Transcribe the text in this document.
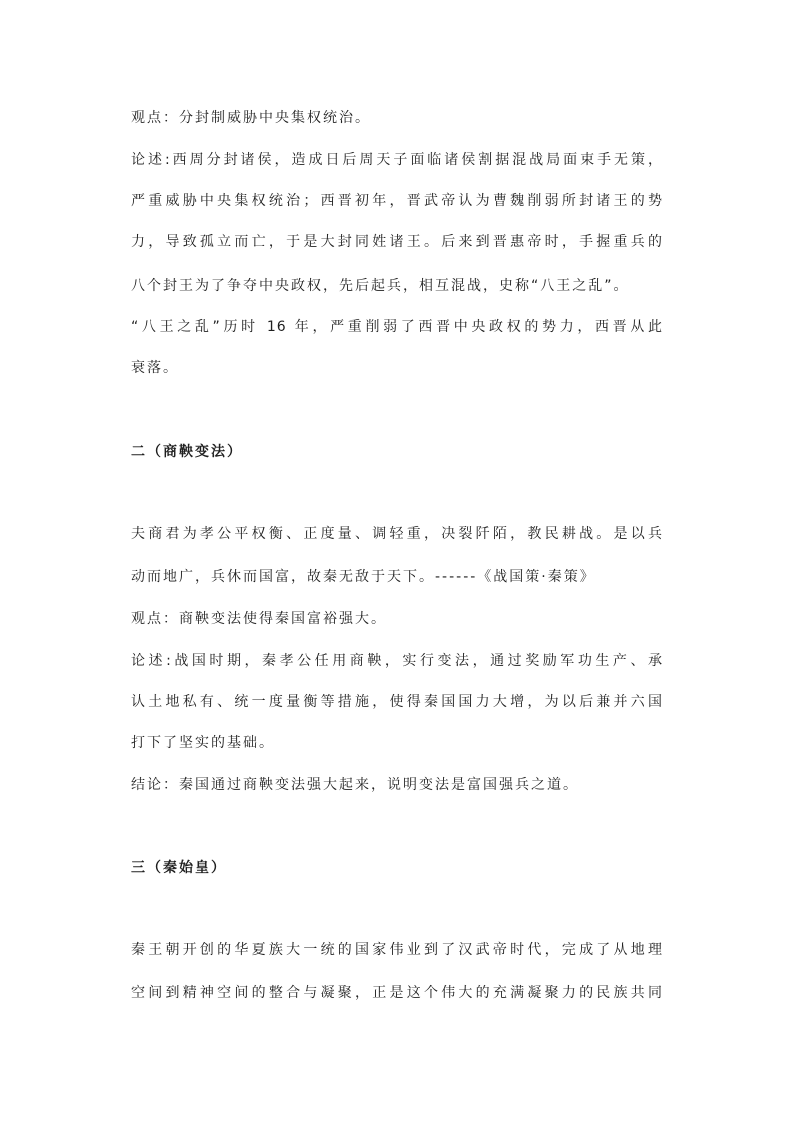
观点：分封制威胁中央集权统治。
论述:西周分封诸侯，造成日后周天子面临诸侯割据混战局面束手无策，
严重威胁中央集权统治；西晋初年，晋武帝认为曹魏削弱所封诸王的势
力，导致孤立而亡，于是大封同姓诸王。后来到晋惠帝时，手握重兵的
八个封王为了争夺中央政权，先后起兵，相互混战，史称“八王之乱”。
“八王之乱”历时 16 年，严重削弱了西晋中央政权的势力，西晋从此
衰落。
二（商鞅变法）
夫商君为孝公平权衡、正度量、调轻重，决裂阡陌，教民耕战。是以兵
动而地广，兵休而国富，故秦无敌于天下。------《战国策·秦策》
观点：商鞅变法使得秦国富裕强大。
论述:战国时期，秦孝公任用商鞅，实行变法，通过奖励军功生产、承
认土地私有、统一度量衡等措施，使得秦国国力大增，为以后兼并六国
打下了坚实的基础。
结论：秦国通过商鞅变法强大起来，说明变法是富国强兵之道。
三（秦始皇）
秦王朝开创的华夏族大一统的国家伟业到了汉武帝时代，完成了从地理
空间到精神空间的整合与凝聚，正是这个伟大的充满凝聚力的民族共同
